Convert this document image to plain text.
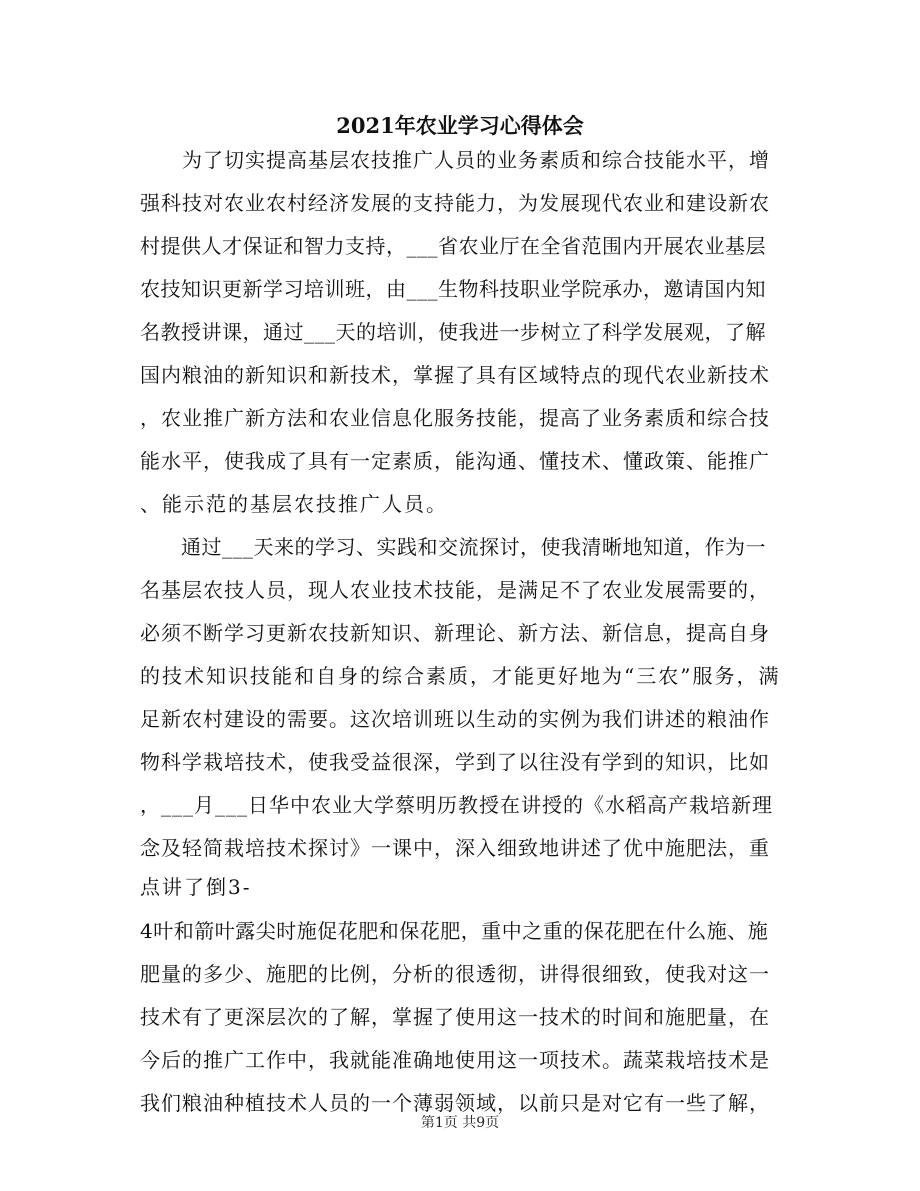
2021年农业学习心得体会
　　为了切实提高基层农技推广人员的业务素质和综合技能水平，增
强科技对农业农村经济发展的支持能力，为发展现代农业和建设新农
村提供人才保证和智力支持，___省农业厅在全省范围内开展农业基层
农技知识更新学习培训班，由___生物科技职业学院承办，邀请国内知
名教授讲课，通过___天的培训，使我进一步树立了科学发展观，了解
国内粮油的新知识和新技术，掌握了具有区域特点的现代农业新技术
，农业推广新方法和农业信息化服务技能，提高了业务素质和综合技
能水平，使我成了具有一定素质，能沟通、懂技术、懂政策、能推广
、能示范的基层农技推广人员。
　　通过___天来的学习、实践和交流探讨，使我清晰地知道，作为一
名基层农技人员，现人农业技术技能，是满足不了农业发展需要的，
必须不断学习更新农技新知识、新理论、新方法、新信息，提高自身
的技术知识技能和自身的综合素质，才能更好地为“三农”服务，满
足新农村建设的需要。这次培训班以生动的实例为我们讲述的粮油作
物科学栽培技术，使我受益很深，学到了以往没有学到的知识，比如
，___月___日华中农业大学蔡明历教授在讲授的《水稻高产栽培新理
念及轻简栽培技术探讨》一课中，深入细致地讲述了优中施肥法，重
点讲了倒3-
4叶和箭叶露尖时施促花肥和保花肥，重中之重的保花肥在什么施、施
肥量的多少、施肥的比例，分析的很透彻，讲得很细致，使我对这一
技术有了更深层次的了解，掌握了使用这一技术的时间和施肥量，在
今后的推广工作中，我就能准确地使用这一项技术。蔬菜栽培技术是
我们粮油种植技术人员的一个薄弱领域，以前只是对它有一些了解，
第1页 共9页
